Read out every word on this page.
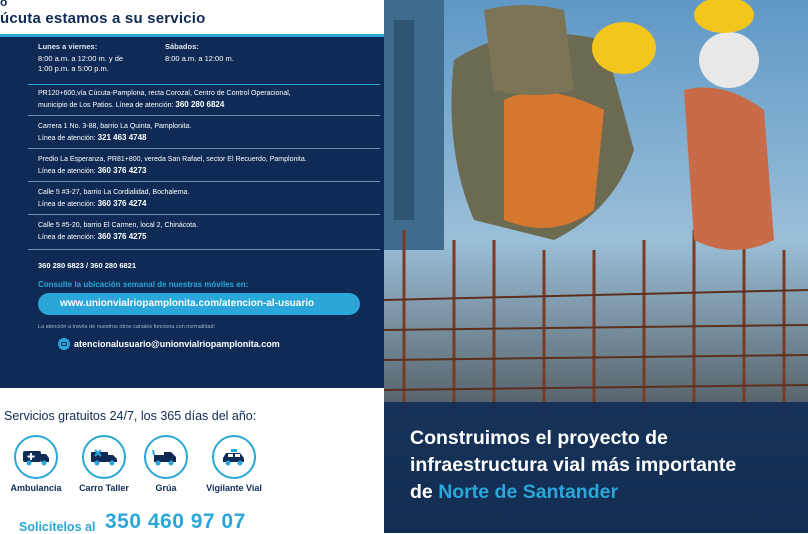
o
úcuta estamos a su servicio
Lunes a viernes:
8:00 a.m. a 12:00 m. y de
1:00 p.m. a 5:00 p.m.
Sábados:
8:00 a.m. a 12:00 m.
PR120+600,vía Cúcuta-Pamplona, recta Corozal, Centro de Control Operacional,
municipio de Los Patios. Línea de atención: 360 280 6824
Carrera 1 No. 3-88, barrio La Quinta, Pamplonita.
Línea de atención: 321 463 4748
Predio La Esperanza, PR81+800, vereda San Rafael, sector El Recuerdo, Pamplonita.
Línea de atención: 360 376 4273
Calle 5 #3-27, barrio La Cordialidad, Bochalema.
Línea de atención: 360 376 4274
Calle 5 #5-20, barrio El Carmen, local 2, Chinácota.
Línea de atención: 360 376 4275
360 280 6823 / 360 280 6821
Consulte la ubicación semanal de nuestras móviles en:
www.unionvialriopamplonita.com/atencion-al-usuario
La atención a través de nuestros otros canales funciona con normalidad:
atencionalusuario@unionvialriopamplonita.com
Servicios gratuitos 24/7, los 365 días del año:
Ambulancia	Carro Taller	Grúa	Vigilante Vial
Solicítelos al 350 460 97 07
Construimos el proyecto de
infraestructura vial más importante
de Norte de Santander
